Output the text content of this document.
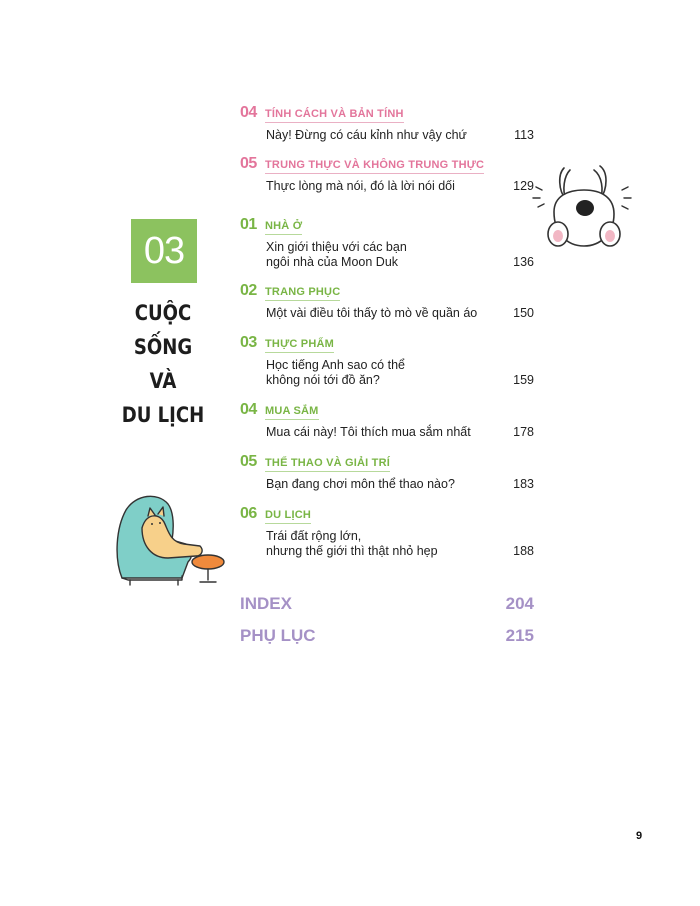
03
CUỘC SỐNG
VÀ
DU LỊCH
04 TÍNH CÁCH VÀ BẢN TÍNH
Này! Đừng có cáu kỉnh như vậy chứ	113
05 TRUNG THỰC VÀ KHÔNG TRUNG THỰC
Thực lòng mà nói, đó là lời nói dối	129
01 NHÀ Ở
Xin giới thiệu với các bạn
ngôi nhà của Moon Duk	136
02 TRANG PHỤC
Một vài điều tôi thấy tò mò về quần áo	150
03 THỰC PHẨM
Học tiếng Anh sao có thể
không nói tới đồ ăn?	159
04 MUA SẮM
Mua cái này! Tôi thích mua sắm nhất	178
05 THỂ THAO VÀ GIẢI TRÍ
Bạn đang chơi môn thể thao nào?	183
06 DU LỊCH
Trái đất rộng lớn,
nhưng thế giới thì thật nhỏ hẹp	188
INDEX	204
PHỤ LỤC	215
9
